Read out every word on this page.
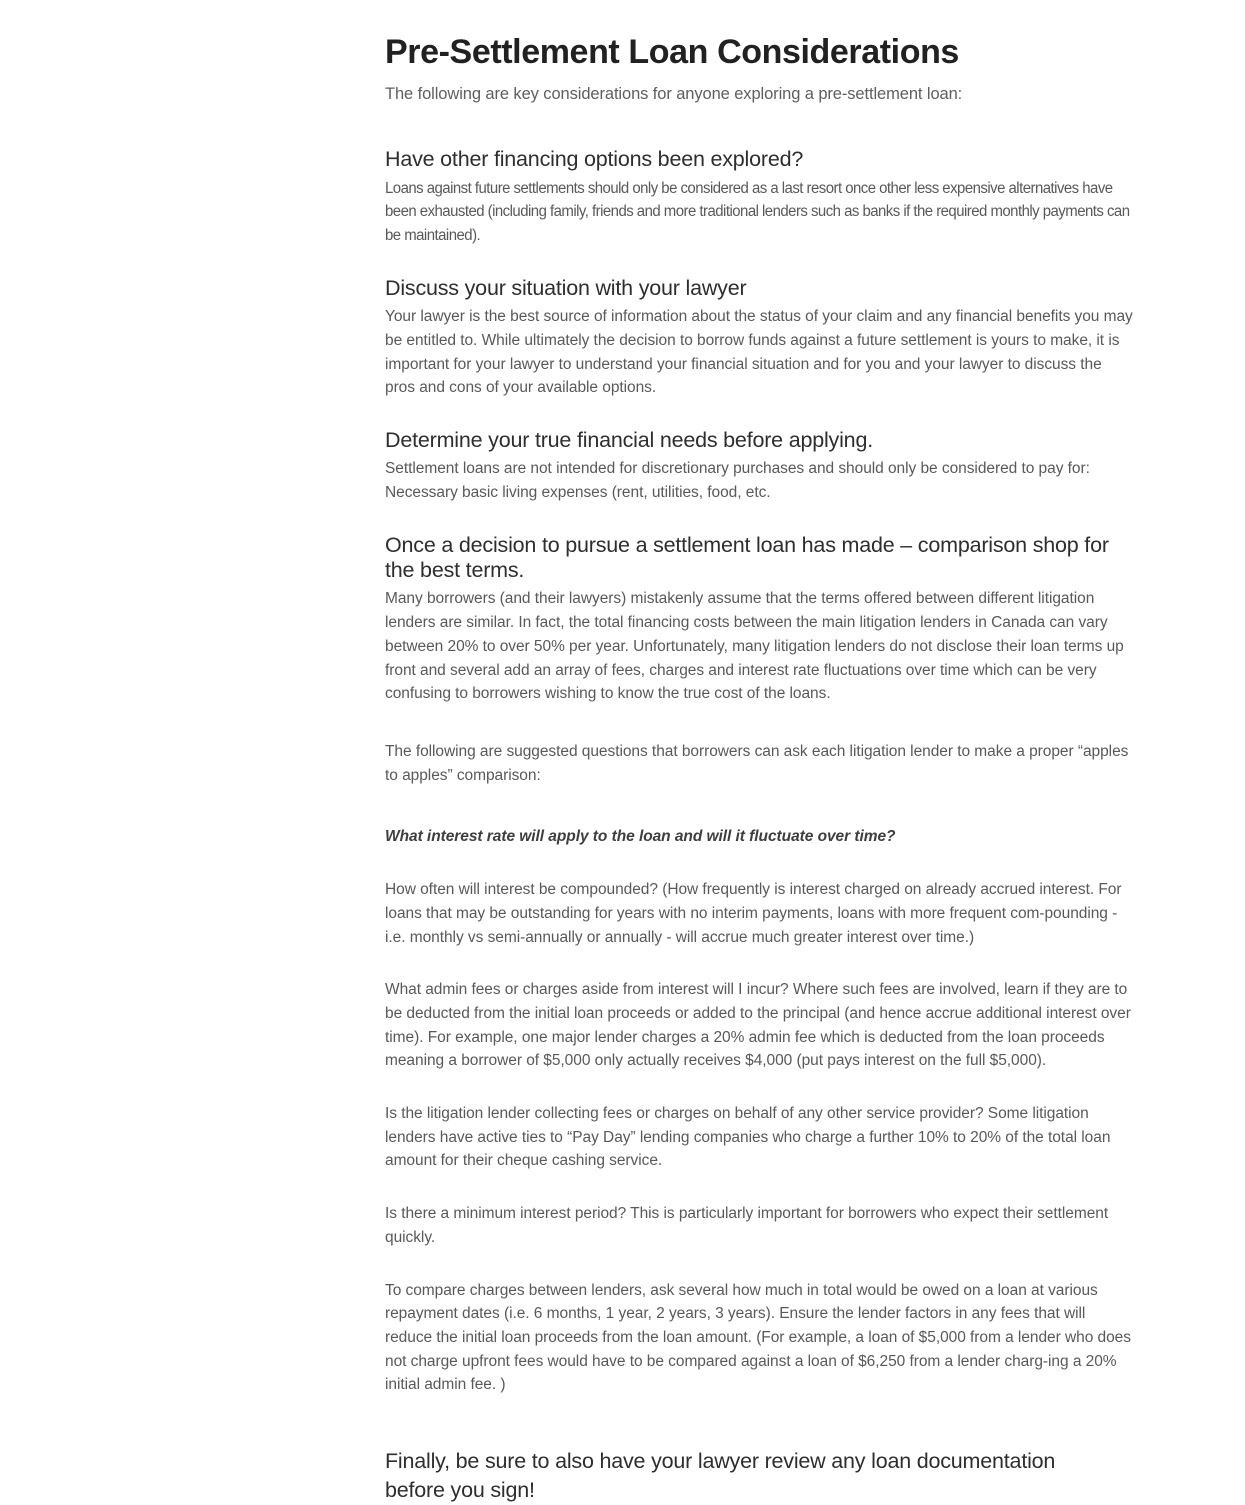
Pre-Settlement Loan Considerations

The following are key considerations for anyone exploring a pre-settlement loan:

Have other financing options been explored?

Loans against future settlements should only be considered as a last resort once other less expensive alternatives have been exhausted (including family, friends and more traditional lenders such as banks if the required monthly payments can be maintained).

Discuss your situation with your lawyer

Your lawyer is the best source of information about the status of your claim and any financial benefits you may be entitled to. While ultimately the decision to borrow funds against a future settlement is yours to make, it is important for your lawyer to understand your financial situation and for you and your lawyer to discuss the pros and cons of your available options.

Determine your true financial needs before applying.

Settlement loans are not intended for discretionary purchases and should only be considered to pay for: Necessary basic living expenses (rent, utilities, food, etc.

Once a decision to pursue a settlement loan has made – comparison shop for the best terms.

Many borrowers (and their lawyers) mistakenly assume that the terms offered between different litigation lenders are similar. In fact, the total financing costs between the main litigation lenders in Canada can vary between 20% to over 50% per year. Unfortunately, many litigation lenders do not disclose their loan terms up front and several add an array of fees, charges and interest rate fluctuations over time which can be very confusing to borrowers wishing to know the true cost of the loans.

The following are suggested questions that borrowers can ask each litigation lender to make a proper “apples to apples” comparison:

What interest rate will apply to the loan and will it fluctuate over time?

How often will interest be compounded? (How frequently is interest charged on already accrued interest. For loans that may be outstanding for years with no interim payments, loans with more frequent com-pounding - i.e. monthly vs semi-annually or annually - will accrue much greater interest over time.)

What admin fees or charges aside from interest will I incur? Where such fees are involved, learn if they are to be deducted from the initial loan proceeds or added to the principal (and hence accrue additional interest over time). For example, one major lender charges a 20% admin fee which is deducted from the loan proceeds meaning a borrower of $5,000 only actually receives $4,000 (put pays interest on the full $5,000).

Is the litigation lender collecting fees or charges on behalf of any other service provider? Some litigation lenders have active ties to “Pay Day” lending companies who charge a further 10% to 20% of the total loan amount for their cheque cashing service.

Is there a minimum interest period? This is particularly important for borrowers who expect their settlement quickly.

To compare charges between lenders, ask several how much in total would be owed on a loan at various repayment dates (i.e. 6 months, 1 year, 2 years, 3 years). Ensure the lender factors in any fees that will reduce the initial loan proceeds from the loan amount. (For example, a loan of $5,000 from a lender who does not charge upfront fees would have to be compared against a loan of $6,250 from a lender charg-ing a 20% initial admin fee. )

Finally, be sure to also have your lawyer review any loan documentation before you sign!
